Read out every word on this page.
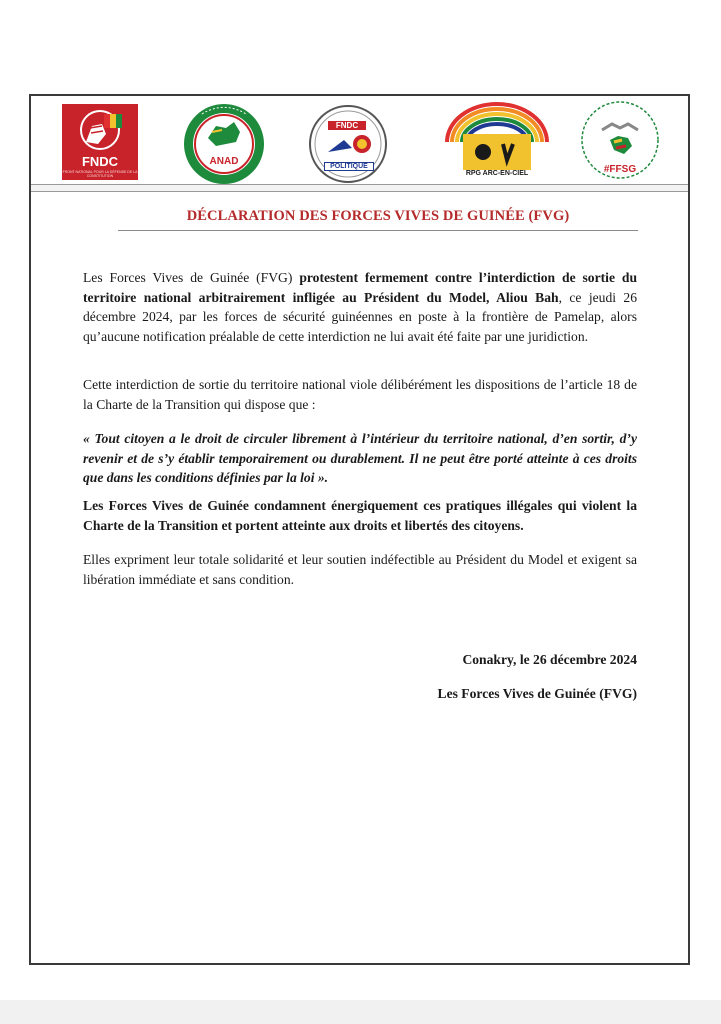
FNDC
FRONT NATIONAL POUR LA DÉFENSE DE LA CONSTITUTION
ANAD
FNDC
POLITIQUE
RPG ARC-EN-CIEL	#FFSG
DÉCLARATION DES FORCES VIVES DE GUINÉE (FVG)
Les Forces Vives de Guinée (FVG) protestent fermement contre l’interdiction de sortie du territoire national arbitrairement infligée au Président du Model, Aliou Bah, ce jeudi 26 décembre 2024, par les forces de sécurité guinéennes en poste à la frontière de Pamelap, alors qu’aucune notification préalable de cette interdiction ne lui avait été faite par une juridiction.
Cette interdiction de sortie du territoire national viole délibérément les dispositions de l’article 18 de la Charte de la Transition qui dispose que :
« Tout citoyen a le droit de circuler librement à l’intérieur du territoire national, d’en sortir, d’y revenir et de s’y établir temporairement ou durablement. Il ne peut être porté atteinte à ces droits que dans les conditions définies par la loi ».
Les Forces Vives de Guinée condamnent énergiquement ces pratiques illégales qui violent la Charte de la Transition et portent atteinte aux droits et libertés des citoyens.
Elles expriment leur totale solidarité et leur soutien indéfectible au Président du Model et exigent sa libération immédiate et sans condition.
Conakry, le 26 décembre 2024
Les Forces Vives de Guinée (FVG)
